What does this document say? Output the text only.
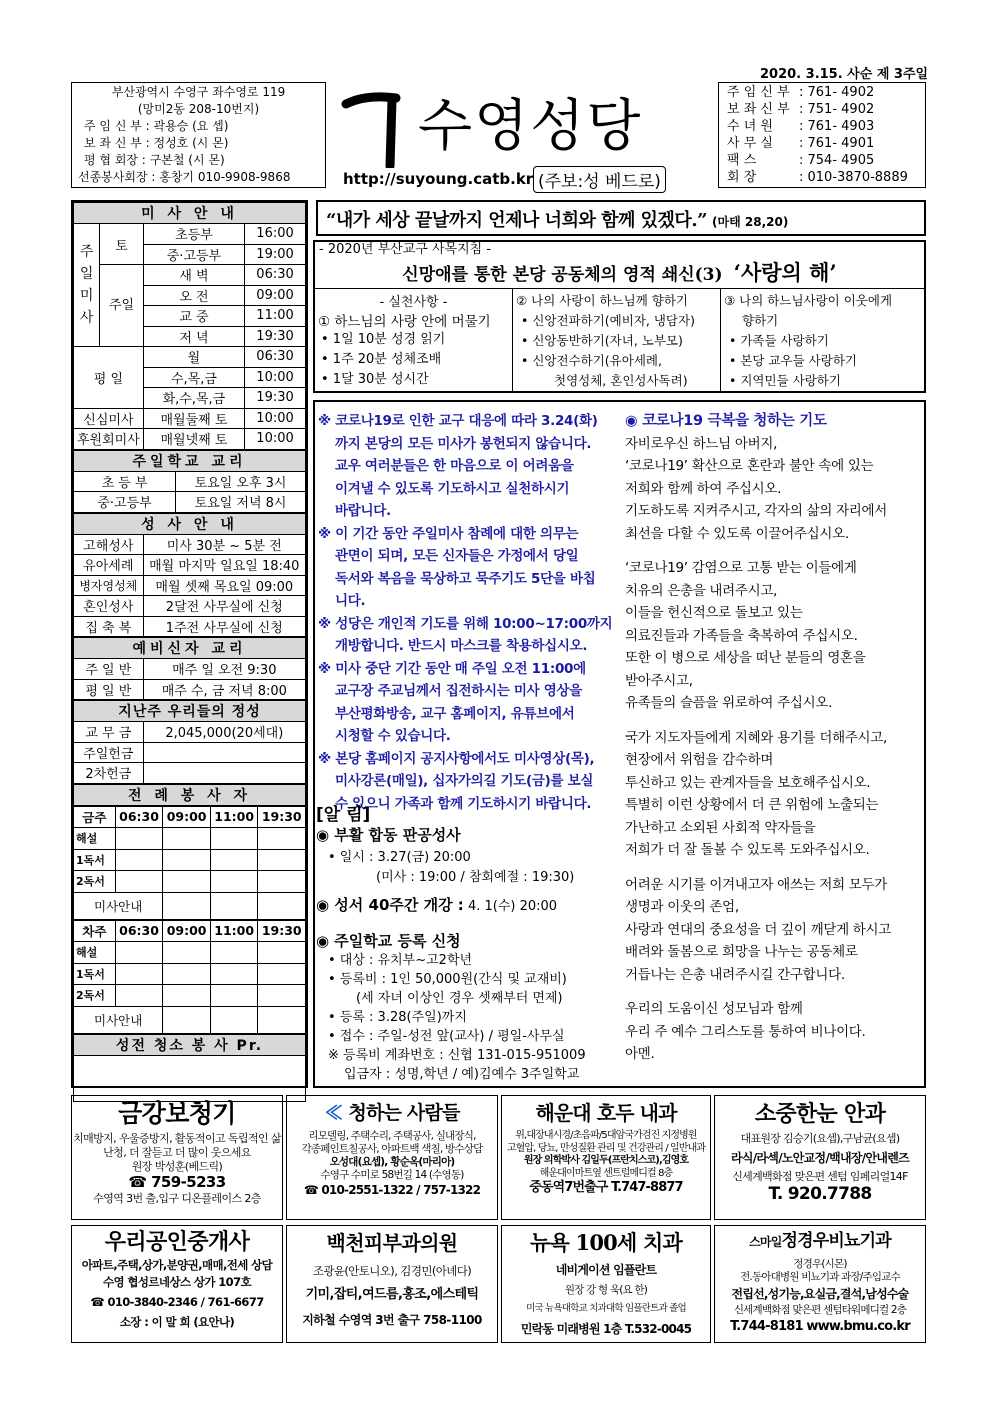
2020. 3.15. 사순 제 3주일
부산광역시 수영구 좌수영로 119
(망미2동 208-10번지)
주 임 신 부 : 곽용승 (요 셉)
보 좌 신 부 : 정성호 (시 몬)
평 협 회장 : 구본철 (시 몬)
선종봉사회장 : 홍창기 010-9908-9868
수영성당
http://suyoung.catb.kr (주보:성 베드로)
주 임 신 부 : 761- 4902
보 좌 신 부 : 751- 4902
수 녀 원	: 761- 4903
사 무 실	: 761- 4901
팩 스	: 754- 4905
회 장	: 010-3870-8889
미 사 안 내			
주일미사	토	초등부	16:00
		중·고등부	19:00
	주일	새 벽	06:30
		오 전	09:00
		교 중	11:00
		저 녁	19:30
평 일		월	06:30
		수,목,금	10:00
		화,수,목,금	19:30
신심미사		매월둘째 토	10:00
후원회미사		매월넷째 토	10:00
주일학교 교리	
초 등 부	토요일 오후 3시
중·고등부	토요일 저녁 8시
성 사 안 내	
고해성사	미사 30분 ~ 5분 전
유아세례	매월 마지막 일요일 18:40
병자영성체	매월 셋째 목요일 09:00
혼인성사	2달전 사무실에 신청
집 축 복	1주전 사무실에 신청
예비신자 교리	
주 일 반	매주 일 오전 9:30
평 일 반	매주 수, 금 저녁 8:00
지난주 우리들의 정성	
교 무 금	2,045,000(20세대)
주일헌금	
2차헌금	
전 례 봉 사 자
금주	06:30	09:00	11:00	19:30
해설				
1독서				
2독서				
미사안내				
차주	06:30	09:00	11:00	19:30
해설				
1독서				
2독서				
미사안내				
성전 청소 봉 사 Pr.

“내가 세상 끝날까지 언제나 너희와 함께 있겠다.” (마태 28,20)
- 2020년 부산교구 사목지침 -
신망애를 통한 본당 공동체의 영적 쇄신(3) ‘사랑의 해’
- 실천사항 -
① 하느님의 사랑 안에 머물기
• 1일 10분 성경 읽기
• 1주 20분 성체조배
• 1달 30분 성시간
② 나의 사랑이 하느님께 향하기
• 신앙전파하기(예비자, 냉담자)
• 신앙동반하기(자녀, 노부모)
• 신앙전수하기(유아세례,
첫영성체, 혼인성사독려)
③ 나의 하느님사랑이 이웃에게
향하기
• 가족들 사랑하기
• 본당 교우들 사랑하기
• 지역민들 사랑하기
※ 코로나19로 인한 교구 대응에 따라 3.24(화)
까지 본당의 모든 미사가 봉헌되지 않습니다.
교우 여러분들은 한 마음으로 이 어려움을
이겨낼 수 있도록 기도하시고 실천하시기
바랍니다.
※ 이 기간 동안 주일미사 참례에 대한 의무는
관면이 되며, 모든 신자들은 가정에서 당일
독서와 복음을 묵상하고 묵주기도 5단을 바칩
니다.
※ 성당은 개인적 기도를 위해 10:00~17:00까지
개방합니다. 반드시 마스크를 착용하십시오.
※ 미사 중단 기간 동안 매 주일 오전 11:00에
교구장 주교님께서 집전하시는 미사 영상을
부산평화방송, 교구 홈페이지, 유튜브에서
시청할 수 있습니다.
※ 본당 홈페이지 공지사항에서도 미사영상(목),
미사강론(매일), 십자가의길 기도(금)를 보실
수 있으니 가족과 함께 기도하시기 바랍니다.
[알 림]
◉ 부활 합동 판공성사
• 일시 : 3.27(금) 20:00
(미사 : 19:00 / 참회예절 : 19:30)
◉ 성서 40주간 개강 : 4. 1(수) 20:00
◉ 주일학교 등록 신청
• 대상 : 유치부~고2학년
• 등록비 : 1인 50,000원(간식 및 교재비)
(세 자녀 이상인 경우 셋째부터 면제)
• 등록 : 3.28(주일)까지
• 접수 : 주일-성전 앞(교사) / 평일-사무실
※ 등록비 계좌번호 : 신협 131-015-951009
입금자 : 성명,학년 / 예)김예수 3주일학교
◉ 코로나19 극복을 청하는 기도
자비로우신 하느님 아버지,
‘코로나19’ 확산으로 혼란과 불안 속에 있는
저희와 함께 하여 주십시오.
기도하도록 지켜주시고, 각자의 삶의 자리에서
최선을 다할 수 있도록 이끌어주십시오.
‘코로나19’ 감염으로 고통 받는 이들에게
치유의 은총을 내려주시고,
이들을 헌신적으로 돌보고 있는
의료진들과 가족들을 축복하여 주십시오.
또한 이 병으로 세상을 떠난 분들의 영혼을
받아주시고,
유족들의 슬픔을 위로하여 주십시오.
국가 지도자들에게 지혜와 용기를 더해주시고,
현장에서 위험을 감수하며
투신하고 있는 관계자들을 보호해주십시오.
특별히 이런 상황에서 더 큰 위험에 노출되는
가난하고 소외된 사회적 약자들을
저희가 더 잘 돌볼 수 있도록 도와주십시오.
어려운 시기를 이겨내고자 애쓰는 저희 모두가
생명과 이웃의 존엄,
사랑과 연대의 중요성을 더 깊이 깨닫게 하시고
배려와 돌봄으로 희망을 나누는 공동체로
거듭나는 은총 내려주시길 간구합니다.
우리의 도움이신 성모님과 함께
우리 주 예수 그리스도를 통하여 비나이다.
아멘.
금강보청기
치매방지, 우울증방지, 활동적이고 독립적인 삶
난청, 더 잘듣고 더 많이 웃으세요
원장 박성훈(베드릭)
☎ 759-5233
수영역 3번 출,입구 디온플레이스 2층
≪ 청하는 사람들
리모델링, 주택수리, 주택공사, 실내장식,
각종페인트칠공사, 아파트백 색칠, 방수상담
오성대(요셉), 황순옥(마리아)
수영구 수미로 58번길 14 (수영동)
☎ 010-2551-1322 / 757-1322
해운대 호두 내과
위,대장내시경/초음파/5대암국가검진 지정병원
고혈압, 당뇨, 만성질환 관리 및 건강관리 / 일반내과
원장 의학박사 김일두(프란치스코),김영호
해운대이마트옆 센트럴메디컬 8층
중동역7번출구 T.747-8877
소중한눈 안과
대표원장 김승기(요셉),구남균(요셉)
라식/라섹/노안교정/백내장/안내렌즈
신세계백화점 맞은편 센텀 임페리얼14F
T. 920.7788
우리공인중개사
아파트,주택,상가,분양권,매매,전세 상담
수영 협성르네상스 상가 107호
☎ 010-3840-2346 / 761-6677
소장 : 이 말 희 (요안나)
백천피부과의원
조광윤(안토니오), 김경민(아녜다)
기미,잡티,여드름,홍조,에스테틱
지하철 수영역 3번 출구 758-1100
뉴욕 100세 치과
네비게이션 임플란트
원장 강 형 욱(요 한)
미국 뉴욕대학교 치과대학 임플란트과 졸업
민락동 미래병원 1층 T.532-0045
스마일정경우비뇨기과
정경우(시몬)
전.동아대병원 비뇨기과 과장/주임교수
전립선,성기능,요실금,결석,남성수술
신세계백화점 맞은편 센텀타워메디컬 2층
T.744-8181 www.bmu.co.kr
